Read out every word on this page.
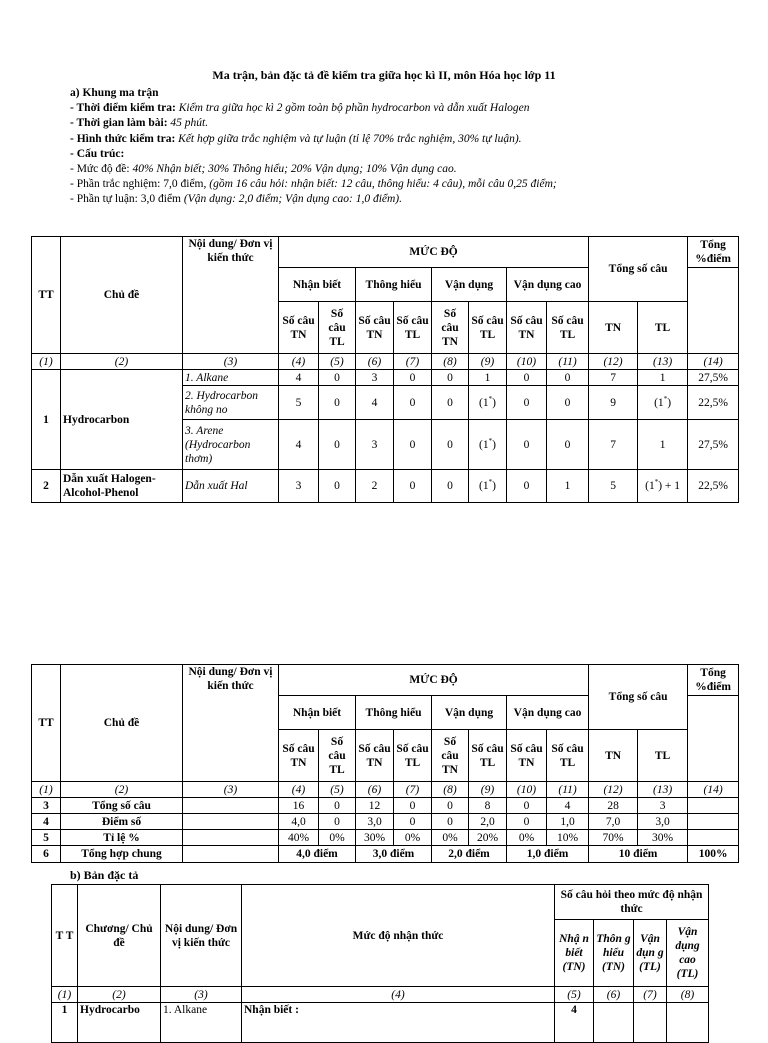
Ma trận, bản đặc tả đề kiểm tra giữa học kì II, môn Hóa học lớp 11
a) Khung ma trận
- Thời điểm kiểm tra: Kiểm tra giữa học kì 2 gồm toàn bộ phần hydrocarbon và dẫn xuất Halogen
- Thời gian làm bài: 45 phút.
- Hình thức kiểm tra: Kết hợp giữa trắc nghiệm và tự luận (tỉ lệ 70% trắc nghiệm, 30% tự luận).
- Cấu trúc:
- Mức độ đề: 40% Nhận biết; 30% Thông hiểu; 20% Vận dụng; 10% Vận dụng cao.
- Phần trắc nghiệm: 7,0 điểm, (gồm 16 câu hỏi: nhận biết: 12 câu, thông hiểu: 4 câu), mỗi câu 0,25 điểm;
- Phần tự luận: 3,0 điểm (Vận dụng: 2,0 điểm; Vận dụng cao: 1,0 điểm).
TT	Chủ đề	Nội dung/ Đơn vị kiến thức	MỨC ĐỘ								Tổng số câu		Tổng %điểm
			Nhận biết		Thông hiểu		Vận dụng		Vận dụng cao				
			Số câu TN	Số câu TL	Số câu TN	Số câu TL	Số câu TN	Số câu TL	Số câu TN	Số câu TL	TN	TL	
(1)	(2)	(3)	(4)	(5)	(6)	(7)	(8)	(9)	(10)	(11)	(12)	(13)	(14)
1	Hydrocarbon	1. Alkane	4	0	3	0	0	1	0	0	7	1	27,5%
		2. Hydrocarbon không no	5	0	4	0	0	(1*)	0	0	9	(1*)	22,5%
		3. Arene (Hydrocarbon thơm)	4	0	3	0	0	(1*)	0	0	7	1	27,5%
2	Dẫn xuất Halogen-Alcohol-Phenol	Dẫn xuất Hal	3	0	2	0	0	(1*)	0	1	5	(1*) + 1	22,5%
TT	Chủ đề	Nội dung/ Đơn vị kiến thức	MỨC ĐỘ								Tổng số câu		Tổng %điểm
			Nhận biết		Thông hiểu		Vận dụng		Vận dụng cao				
			Số câu TN	Số câu TL	Số câu TN	Số câu TL	Số câu TN	Số câu TL	Số câu TN	Số câu TL	TN	TL	
(1)	(2)	(3)	(4)	(5)	(6)	(7)	(8)	(9)	(10)	(11)	(12)	(13)	(14)
3	Tổng số câu		16	0	12	0	0	8	0	4	28	3	
4	Điểm số		4,0	0	3,0	0	0	2,0	0	1,0	7,0	3,0	
5	Tỉ lệ %		40%	0%	30%	0%	0%	20%	0%	10%	70%	30%	
6	Tổng hợp chung		4,0 điểm		3,0 điểm		2,0 điểm		1,0 điểm		10 điểm		100%
b) Bản đặc tả
T T	Chương/ Chủ đề	Nội dung/ Đơn vị kiến thức	Mức độ nhận thức	Số câu hỏi theo mức độ nhận thức			
				Nhậ n biết (TN)	Thôn g hiểu (TN)	Vận dụn g (TL)	Vận dụng cao (TL)
(1)	(2)	(3)	(4)	(5)	(6)	(7)	(8)
1	Hydrocarbo	1. Alkane	Nhận biết :	4			
